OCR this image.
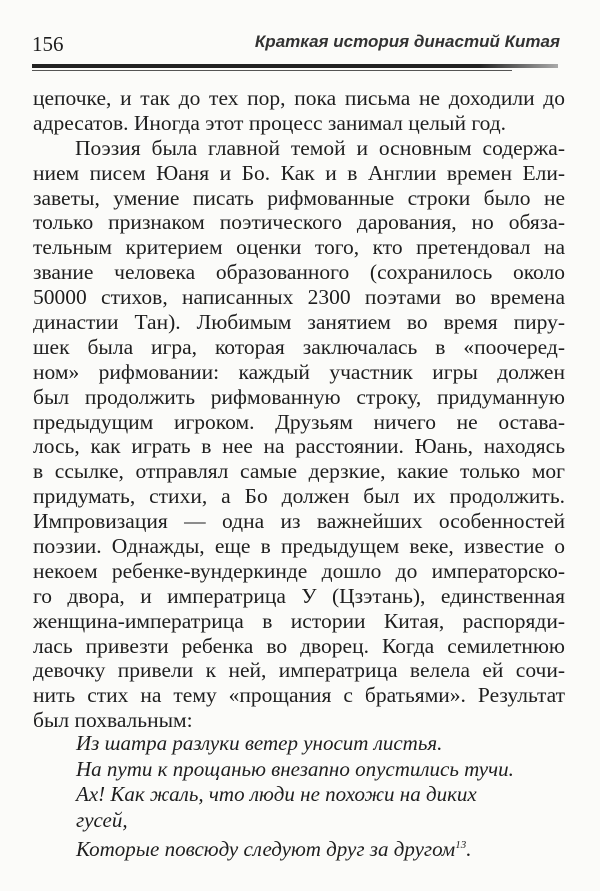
156	Краткая история династий Китая
цепочке, и так до тех пор, пока письма не доходили до
адресатов. Иногда этот процесс занимал целый год.
Поэзия была главной темой и основным содержа-
нием писем Юаня и Бо. Как и в Англии времен Ели-
заветы, умение писать рифмованные строки было не
только признаком поэтического дарования, но обяза-
тельным критерием оценки того, кто претендовал на
звание человека образованного (сохранилось около
50000 стихов, написанных 2300 поэтами во времена
династии Тан). Любимым занятием во время пиру-
шек была игра, которая заключалась в «поочеред-
ном» рифмовании: каждый участник игры должен
был продолжить рифмованную строку, придуманную
предыдущим игроком. Друзьям ничего не остава-
лось, как играть в нее на расстоянии. Юань, находясь
в ссылке, отправлял самые дерзкие, какие только мог
придумать, стихи, а Бо должен был их продолжить.
Импровизация — одна из важнейших особенностей
поэзии. Однажды, еще в предыдущем веке, известие о
некоем ребенке-вундеркинде дошло до императорско-
го двора, и императрица У (Цзэтань), единственная
женщина-императрица в истории Китая, распоряди-
лась привезти ребенка во дворец. Когда семилетнюю
девочку привели к ней, императрица велела ей сочи-
нить стих на тему «прощания с братьями». Результат
был похвальным:
Из шатра разлуки ветер уносит листья.
На пути к прощанью внезапно опустились тучи.
Ах! Как жаль, что люди не похожи на диких
гусей,
Которые повсюду следуют друг за другом$^{13}$.
